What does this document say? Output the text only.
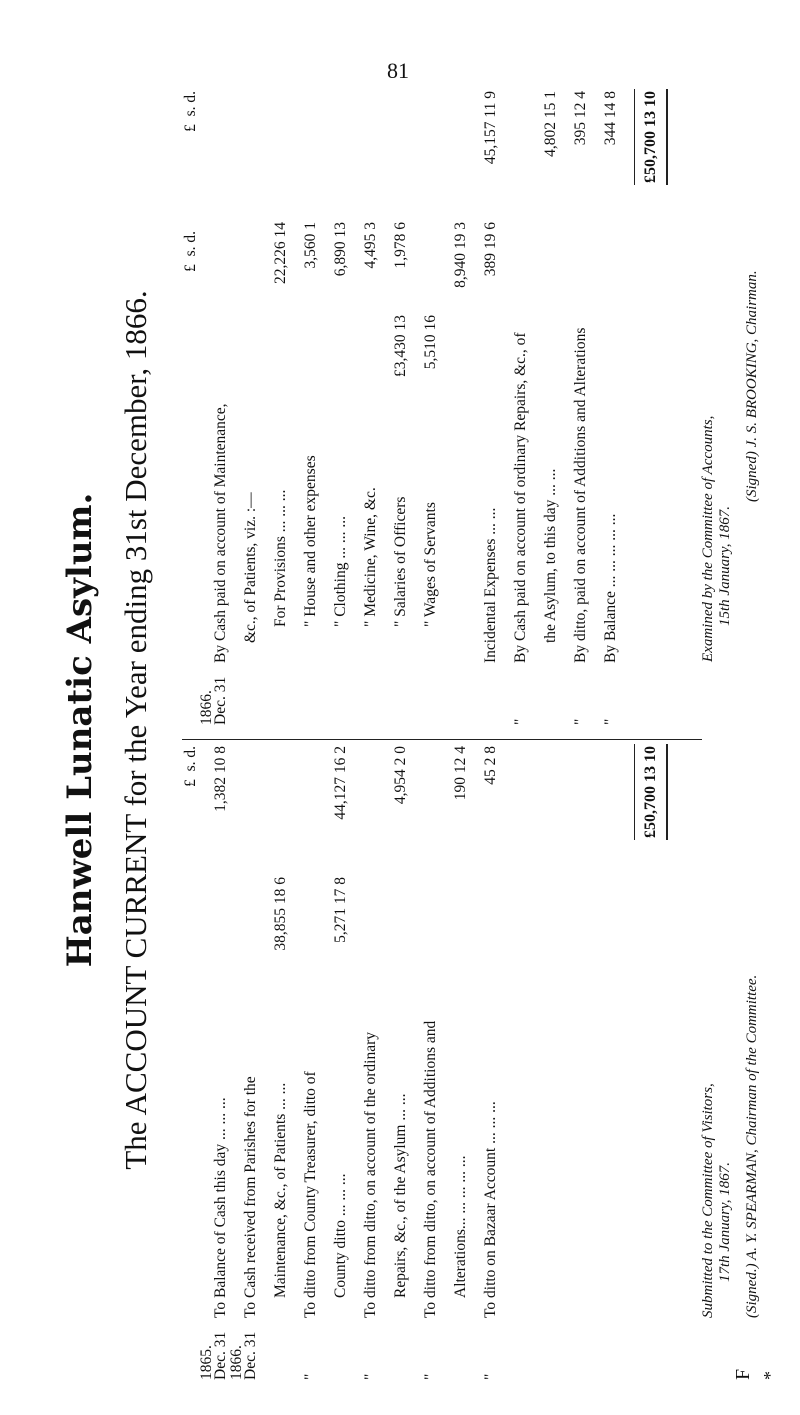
81
Hanwell Lunatic Asylum. The ACCOUNT CURRENT for the Year ending 31st December, 1866. £  s. d.
1865.
Dec. 31
To Balance of Cash this day ... ... ...
1,382 10 8
1866.
Dec. 31
To Cash received from Parishes for the Maintenance, &c., of Patients ... ...
38,855 18 6
"
To ditto from County Treasurer, ditto of County ditto ... ... ...
5,271 17 8
44,127 16 2
"
To ditto from ditto, on account of the ordinary Repairs, &c., of the Asylum ... ...
4,954 2 0
"
To ditto from ditto, on account of Additions and Alterations... ... ... ... ...
190 12 4
"
To ditto on Bazaar Account ... ... ...
45 2 8	£50,700 13 10
£  s. d.
£  s. d.
1866.
Dec. 31
By Cash paid on account of Maintenance, &c., of Patients, viz. :— For Provisions ... ... ...
22,226 14
" House and other expenses
3,560 1
" Clothing ... ... ...
6,890 13
" Medicine, Wine, &c.
4,495 3
" Salaries of Officers
£3,430 13
1,978 6
" Wages of Servants
5,510 16
8,940 19 3
Incidental Expenses ... ...
389 19 6
45,157 11 9
"
By Cash paid on account of ordinary Repairs, &c., of the Asylum, to this day ... ...
4,802 15 1
"
By ditto, paid on account of Additions and Alterations
395 12 4
"
By Balance ... ... ... ... ...
344 14 8 £50,700 13 10
Submitted to the Committee of Visitors, 17th January, 1867. (Signed.) A. Y. SPEARMAN, Chairman of the Committee.
Examined by the Committee of Accounts, 15th January, 1867.
(Signed) J. S. BROOKING, Chairman.
F *
